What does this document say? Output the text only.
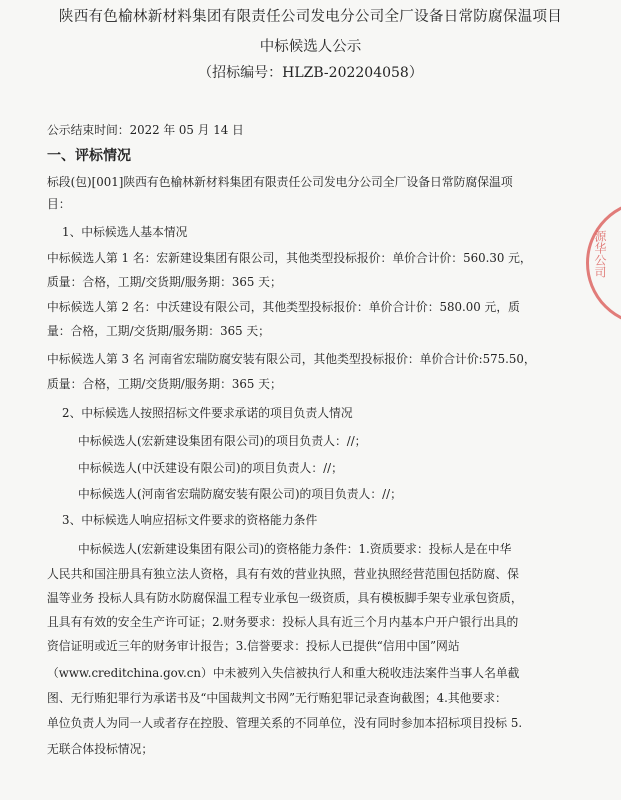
陕西有色榆林新材料集团有限责任公司发电分公司全厂设备日常防腐保温项目
中标候选人公示
（招标编号：HLZB-202204058）
公示结束时间：2022 年 05 月 14 日
一、评标情况
标段(包)[001]陕西有色榆林新材料集团有限责任公司发电分公司全厂设备日常防腐保温项
目：
1、中标候选人基本情况
中标候选人第 1 名：宏新建设集团有限公司，其他类型投标报价：单价合计价：560.30 元，
质量：合格，工期/交货期/服务期：365 天；
中标候选人第 2 名：中沃建设有限公司，其他类型投标报价：单价合计价：580.00 元，质
量：合格，工期/交货期/服务期：365 天；
中标候选人第 3 名 河南省宏瑞防腐安装有限公司，其他类型投标报价：单价合计价:575.50，
质量：合格，工期/交货期/服务期：365 天；
2、中标候选人按照招标文件要求承诺的项目负责人情况
中标候选人(宏新建设集团有限公司)的项目负责人：//；
中标候选人(中沃建设有限公司)的项目负责人：//；
中标候选人(河南省宏瑞防腐安装有限公司)的项目负责人：//；
3、中标候选人响应招标文件要求的资格能力条件
中标候选人(宏新建设集团有限公司)的资格能力条件：1.资质要求：投标人是在中华
人民共和国注册具有独立法人资格，具有有效的营业执照，营业执照经营范围包括防腐、保
温等业务 投标人具有防水防腐保温工程专业承包一级资质，具有模板脚手架专业承包资质，
且具有有效的安全生产许可证；2.财务要求：投标人具有近三个月内基本户开户银行出具的
资信证明或近三年的财务审计报告；3.信誉要求：投标人已提供“信用中国”网站
（www.creditchina.gov.cn）中未被列入失信被执行人和重大税收违法案件当事人名单截
图、无行贿犯罪行为承诺书及“中国裁判文书网”无行贿犯罪记录查询截图；4.其他要求：
单位负责人为同一人或者存在控股、管理关系的不同单位，没有同时参加本招标项目投标 5.
无联合体投标情况；
源华公司
